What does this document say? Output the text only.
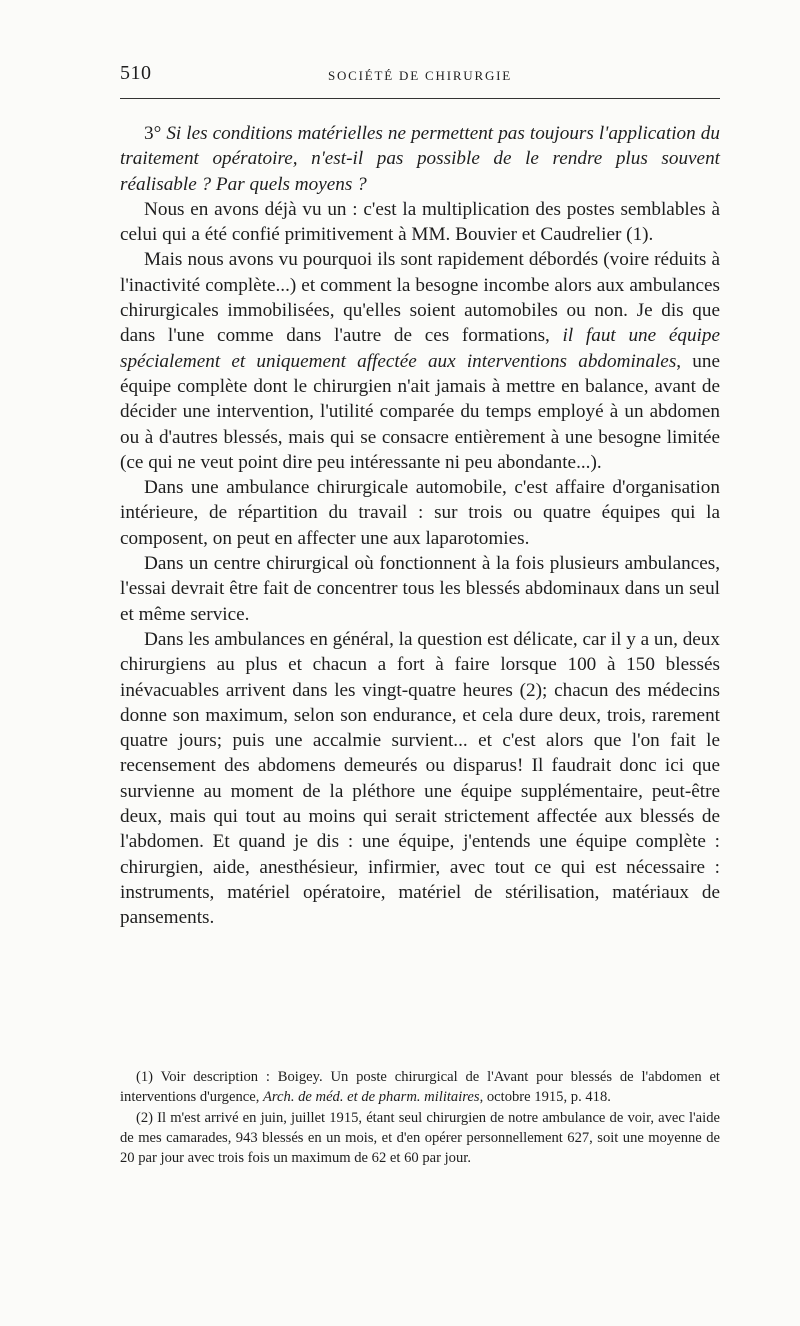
510	SOCIÉTÉ DE CHIRURGIE

3° Si les conditions matérielles ne permettent pas toujours l'application du traitement opératoire, n'est-il pas possible de le rendre plus souvent réalisable ? Par quels moyens ?

Nous en avons déjà vu un : c'est la multiplication des postes semblables à celui qui a été confié primitivement à MM. Bouvier et Caudrelier (1).

Mais nous avons vu pourquoi ils sont rapidement débordés (voire réduits à l'inactivité complète...) et comment la besogne incombe alors aux ambulances chirurgicales immobilisées, qu'elles soient automobiles ou non. Je dis que dans l'une comme dans l'autre de ces formations, il faut une équipe spécialement et uniquement affectée aux interventions abdominales, une équipe complète dont le chirurgien n'ait jamais à mettre en balance, avant de décider une intervention, l'utilité comparée du temps employé à un abdomen ou à d'autres blessés, mais qui se consacre entièrement à une besogne limitée (ce qui ne veut point dire peu intéressante ni peu abondante...).

Dans une ambulance chirurgicale automobile, c'est affaire d'organisation intérieure, de répartition du travail : sur trois ou quatre équipes qui la composent, on peut en affecter une aux laparotomies.

Dans un centre chirurgical où fonctionnent à la fois plusieurs ambulances, l'essai devrait être fait de concentrer tous les blessés abdominaux dans un seul et même service.

Dans les ambulances en général, la question est délicate, car il y a un, deux chirurgiens au plus et chacun a fort à faire lorsque 100 à 150 blessés inévacuables arrivent dans les vingt-quatre heures (2); chacun des médecins donne son maximum, selon son endurance, et cela dure deux, trois, rarement quatre jours; puis une accalmie survient... et c'est alors que l'on fait le recensement des abdomens demeurés ou disparus! Il faudrait donc ici que survienne au moment de la pléthore une équipe supplémentaire, peut-être deux, mais qui tout au moins qui serait strictement affectée aux blessés de l'abdomen. Et quand je dis : une équipe, j'entends une équipe complète : chirurgien, aide, anesthésieur, infirmier, avec tout ce qui est nécessaire : instruments, matériel opératoire, matériel de stérilisation, matériaux de pansements.

(1) Voir description : Boigey. Un poste chirurgical de l'Avant pour blessés de l'abdomen et interventions d'urgence, Arch. de méd. et de pharm. militaires, octobre 1915, p. 418.

(2) Il m'est arrivé en juin, juillet 1915, étant seul chirurgien de notre ambulance de voir, avec l'aide de mes camarades, 943 blessés en un mois, et d'en opérer personnellement 627, soit une moyenne de 20 par jour avec trois fois un maximum de 62 et 60 par jour.
